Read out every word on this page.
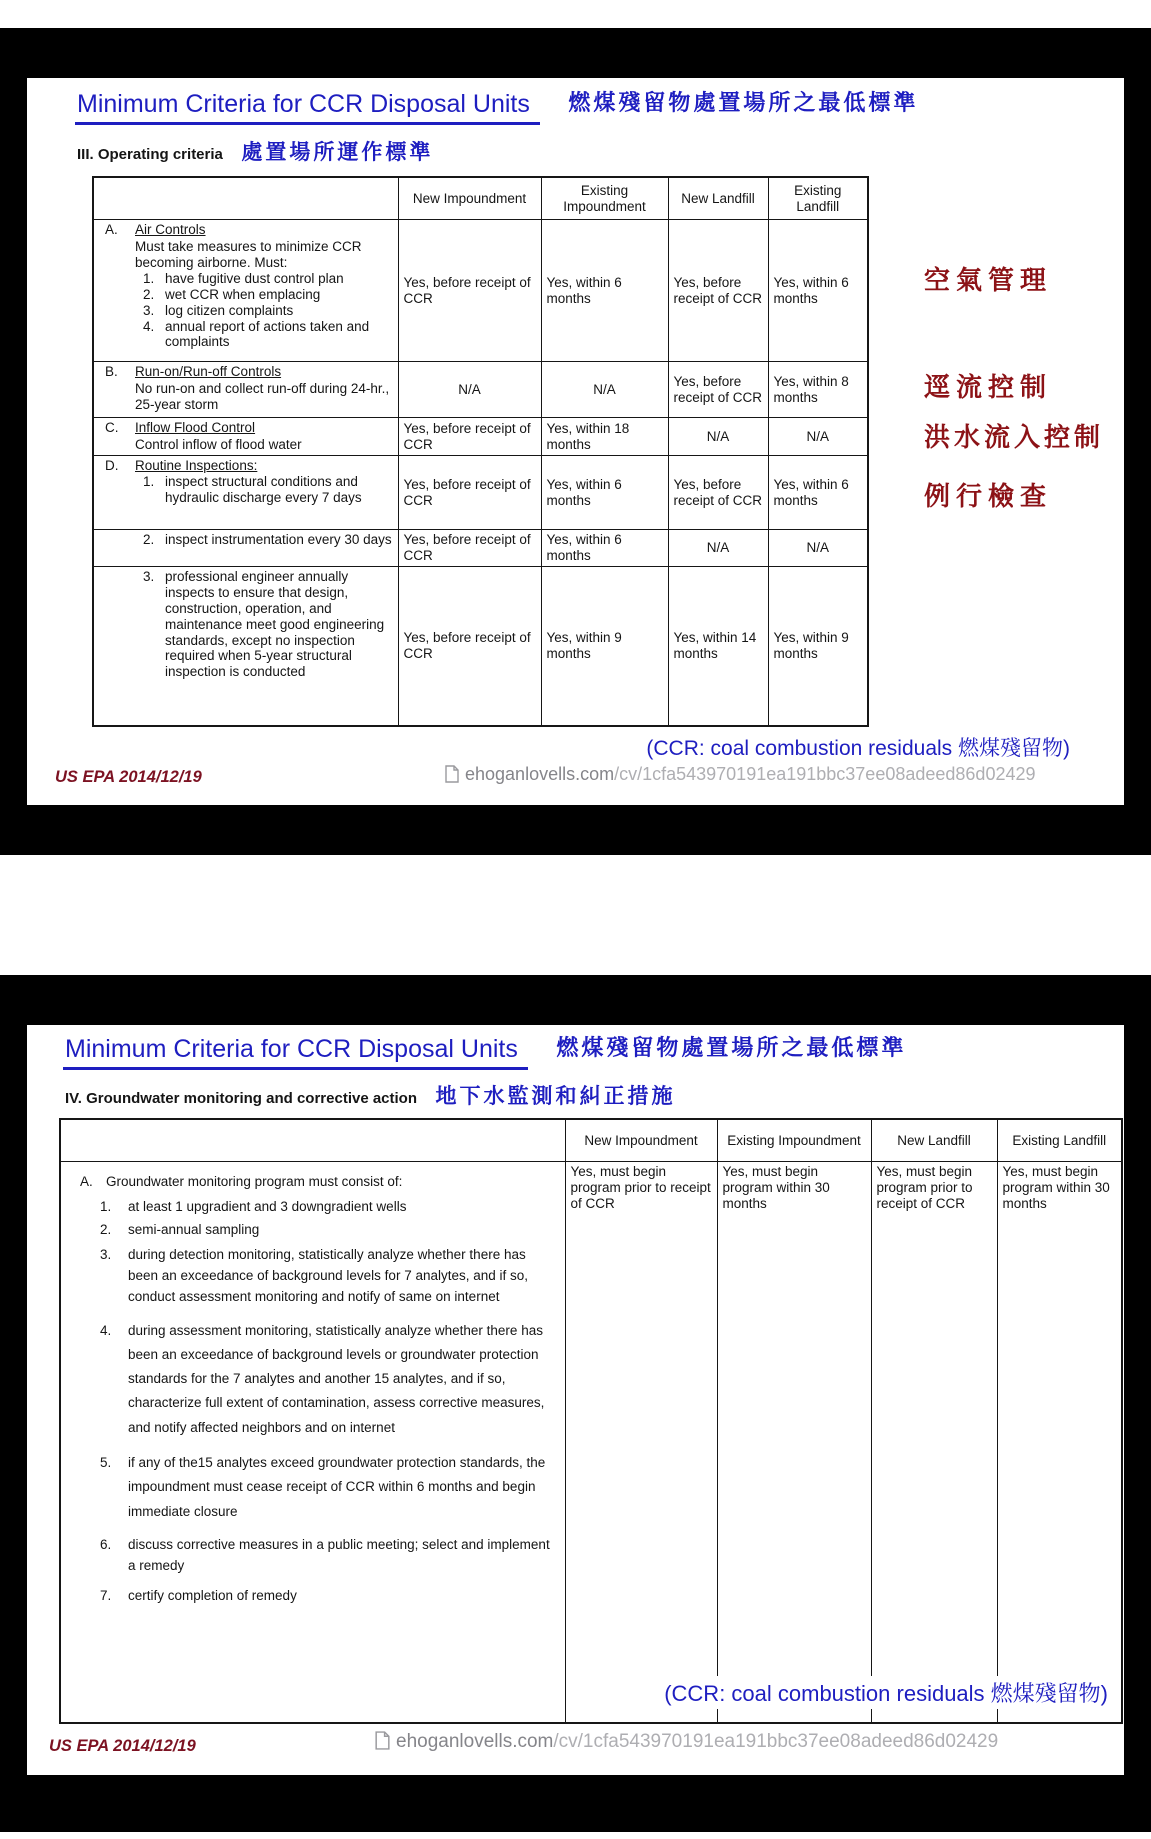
Minimum Criteria for CCR Disposal Units 燃煤殘留物處置場所之最低標準
III. Operating criteria 處置場所運作標準
	New Impoundment	Existing Impoundment	New Landfill	Existing Landfill

A. Air Controls
Must take measures to minimize CCR becoming airborne. Must:
1. have fugitive dust control plan
2. wet CCR when emplacing
3. log citizen complaints
4. annual report of actions taken and complaints
	Yes, before receipt of CCR	Yes, within 6 months	Yes, before receipt of CCR	Yes, within 6 months

B. Run-on/Run-off Controls
No run-on and collect run-off during 24-hr., 25-year storm	N/A	N/A	Yes, before receipt of CCR	Yes, within 8 months

C. Inflow Flood Control
Control inflow of flood water	Yes, before receipt of CCR	Yes, within 18 months	N/A	N/A

D. Routine Inspections:
1. inspect structural conditions and hydraulic discharge every 7 days	Yes, before receipt of CCR	Yes, within 6 months	Yes, before receipt of CCR	Yes, within 6 months

2. inspect instrumentation every 30 days	Yes, before receipt of CCR	Yes, within 6 months	N/A	N/A

3. professional engineer annually inspects to ensure that design, construction, operation, and maintenance meet good engineering standards, except no inspection required when 5-year structural inspection is conducted	Yes, before receipt of CCR	Yes, within 9 months	Yes, within 14 months	Yes, within 9 months
空氣管理
逕流控制
洪水流入控制
例行檢查
(CCR: coal combustion residuals 燃煤殘留物)
US EPA 2014/12/19	ehoganlovells.com/cv/1cfa543970191ea191bbc37ee08adeed86d02429
Minimum Criteria for CCR Disposal Units 燃煤殘留物處置場所之最低標準
IV. Groundwater monitoring and corrective action 地下水監測和糾正措施
	New Impoundment	Existing Impoundment	New Landfill	Existing Landfill

A. Groundwater monitoring program must consist of:
1.	at least 1 upgradient and 3 downgradient wells
2.	semi-annual sampling
3.	during detection monitoring, statistically analyze whether there has been an exceedance of background levels for 7 analytes, and if so, conduct assessment monitoring and notify of same on internet
4.	during assessment monitoring, statistically analyze whether there has been an exceedance of background levels or groundwater protection standards for the 7 analytes and another 15 analytes, and if so, characterize full extent of contamination, assess corrective measures, and notify affected neighbors and on internet
5.	if any of the15 analytes exceed groundwater protection standards, the impoundment must cease receipt of CCR within 6 months and begin immediate closure
6.	discuss corrective measures in a public meeting; select and implement a remedy
7.	certify completion of remedy
	Yes, must begin program prior to receipt of CCR	Yes, must begin program within 30 months	Yes, must begin program prior to receipt of CCR	Yes, must begin program within 30 months
(CCR: coal combustion residuals 燃煤殘留物)
US EPA 2014/12/19	ehoganlovells.com/cv/1cfa543970191ea191bbc37ee08adeed86d02429
